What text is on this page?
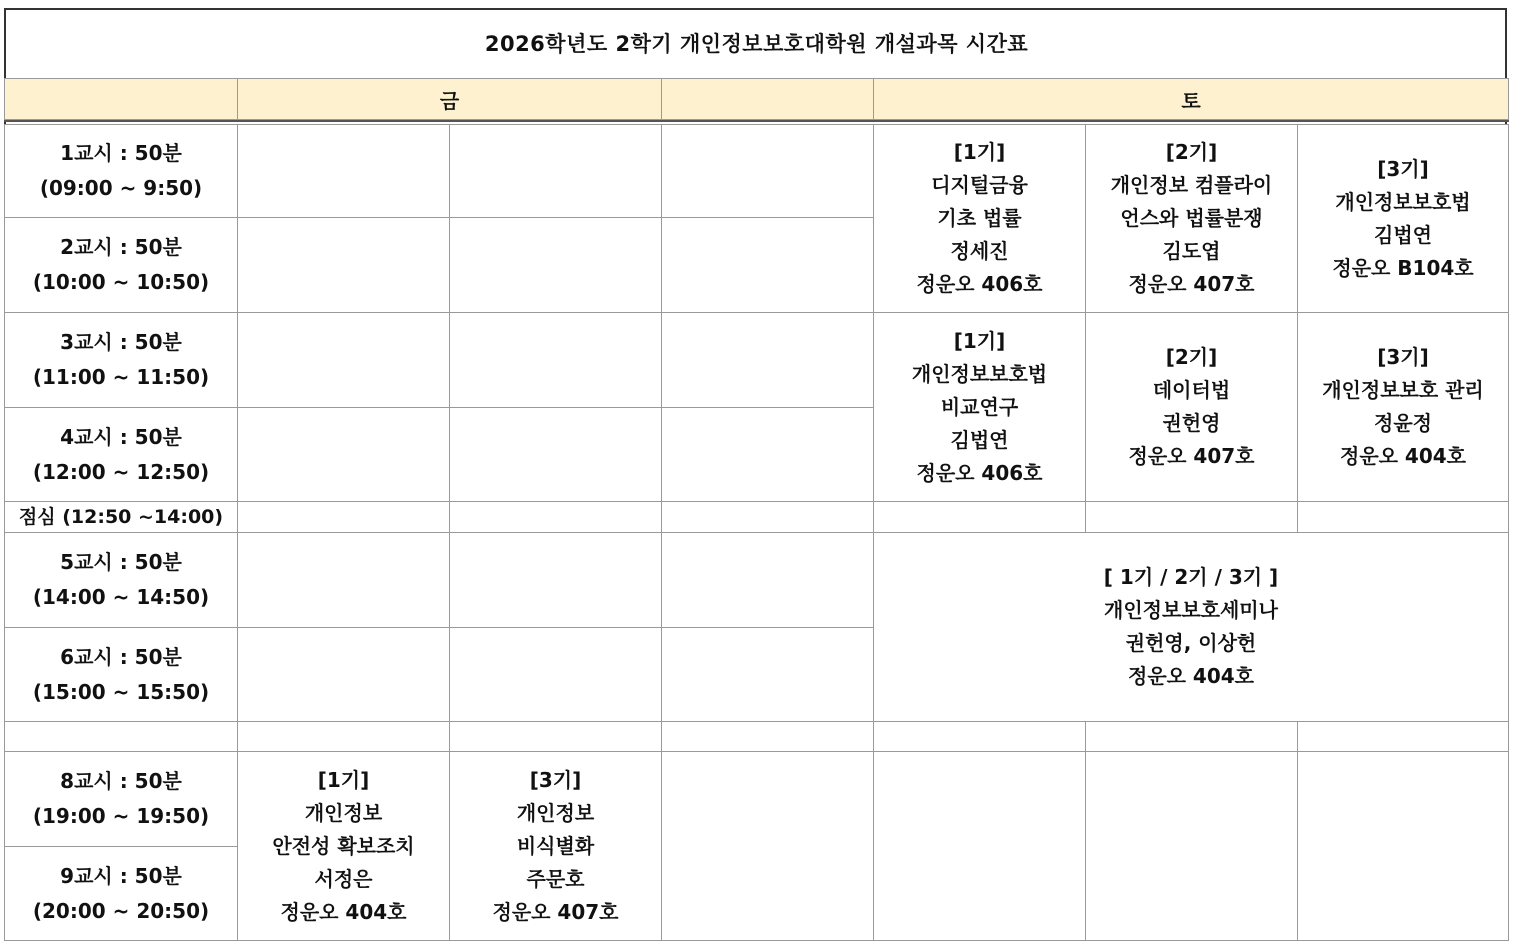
2026학년도 2학기 개인정보보호대학원 개설과목 시간표
금	토
1교시 : 50분
(09:00 ~ 9:50)
2교시 : 50분
(10:00 ~ 10:50)
3교시 : 50분
(11:00 ~ 11:50)
4교시 : 50분
(12:00 ~ 12:50)
점심 (12:50 ~14:00)
5교시 : 50분
(14:00 ~ 14:50)
6교시 : 50분
(15:00 ~ 15:50)
8교시 : 50분
(19:00 ~ 19:50)
9교시 : 50분
(20:00 ~ 20:50)
[1기]
디지털금융
기초 법률
정세진
정운오 406호
[2기]
개인정보 컴플라이
언스와 법률분쟁
김도엽
정운오 407호
[3기]
개인정보보호법
김법연
정운오 B104호
[1기]
개인정보보호법
비교연구
김법연
정운오 406호
[2기]
데이터법
권헌영
정운오 407호
[3기]
개인정보보호 관리
정윤정
정운오 404호
[ 1기 / 2기 / 3기 ]
개인정보보호세미나
권헌영, 이상헌
정운오 404호
[1기]
개인정보
안전성 확보조치
서정은
정운오 404호
[3기]
개인정보
비식별화
주문호
정운오 407호
